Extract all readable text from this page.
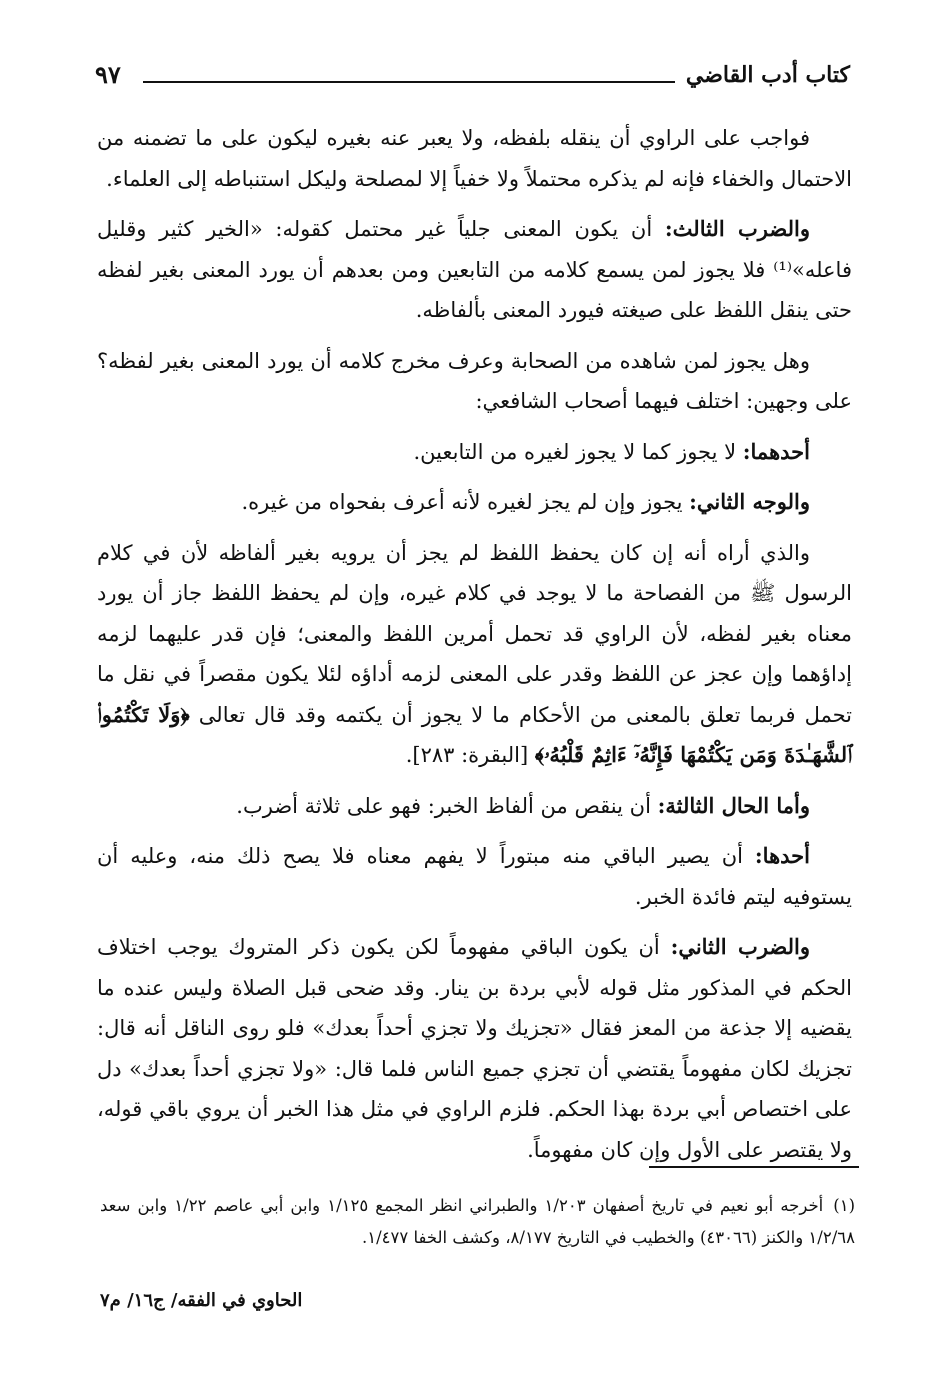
كتاب أدب القاضي
٩٧

فواجب على الراوي أن ينقله بلفظه، ولا يعبر عنه بغيره ليكون على ما تضمنه من الاحتمال والخفاء فإنه لم يذكره محتملاً ولا خفياً إلا لمصلحة وليكل استنباطه إلى العلماء.

والضرب الثالث: أن يكون المعنى جلياً غير محتمل كقوله: «الخير كثير وقليل فاعله»⁽¹⁾ فلا يجوز لمن يسمع كلامه من التابعين ومن بعدهم أن يورد المعنى بغير لفظه حتى ينقل اللفظ على صيغته فيورد المعنى بألفاظه.

وهل يجوز لمن شاهده من الصحابة وعرف مخرج كلامه أن يورد المعنى بغير لفظه؟ على وجهين: اختلف فيهما أصحاب الشافعي:

أحدهما: لا يجوز كما لا يجوز لغيره من التابعين.

والوجه الثاني: يجوز وإن لم يجز لغيره لأنه أعرف بفحواه من غيره.

والذي أراه أنه إن كان يحفظ اللفظ لم يجز أن يرويه بغير ألفاظه لأن في كلام الرسول ﷺ من الفصاحة ما لا يوجد في كلام غيره، وإن لم يحفظ اللفظ جاز أن يورد معناه بغير لفظه، لأن الراوي قد تحمل أمرين اللفظ والمعنى؛ فإن قدر عليهما لزمه إداؤهما وإن عجز عن اللفظ وقدر على المعنى لزمه أداؤه لئلا يكون مقصراً في نقل ما تحمل فربما تعلق بالمعنى من الأحكام ما لا يجوز أن يكتمه وقد قال تعالى ﴿وَلَا تَكْتُمُوا۟ ٱلشَّهَـٰدَةَ وَمَن يَكْتُمْهَا فَإِنَّهُۥٓ ءَاثِمٌ قَلْبُهُۥ﴾ [البقرة: ٢٨٣].

وأما الحال الثالثة: أن ينقص من ألفاظ الخبر: فهو على ثلاثة أضرب.

أحدها: أن يصير الباقي منه مبتوراً لا يفهم معناه فلا يصح ذلك منه، وعليه أن يستوفيه ليتم فائدة الخبر.

والضرب الثاني: أن يكون الباقي مفهوماً لكن يكون ذكر المتروك يوجب اختلاف الحكم في المذكور مثل قوله لأبي بردة بن ينار. وقد ضحى قبل الصلاة وليس عنده ما يقضيه إلا جذعة من المعز فقال «تجزيك ولا تجزي أحداً بعدك» فلو روى الناقل أنه قال: تجزيك لكان مفهوماً يقتضي أن تجزي جميع الناس فلما قال: «ولا تجزي أحداً بعدك» دل على اختصاص أبي بردة بهذا الحكم. فلزم الراوي في مثل هذا الخبر أن يروي باقي قوله، ولا يقتصر على الأول وإن كان مفهوماً.

(١)أخرجه أبو نعيم في تاريخ أصفهان ١/٢٠٣ والطبراني انظر المجمع ١/١٢٥ وابن أبي عاصم ١/٢٢ وابن سعد ١/٢/٦٨ والكنز (٤٣٠٦٦) والخطيب في التاريخ ٨/١٧٧، وكشف الخفا ١/٤٧٧.
الحاوي في الفقه/ ج١٦/ م٧
